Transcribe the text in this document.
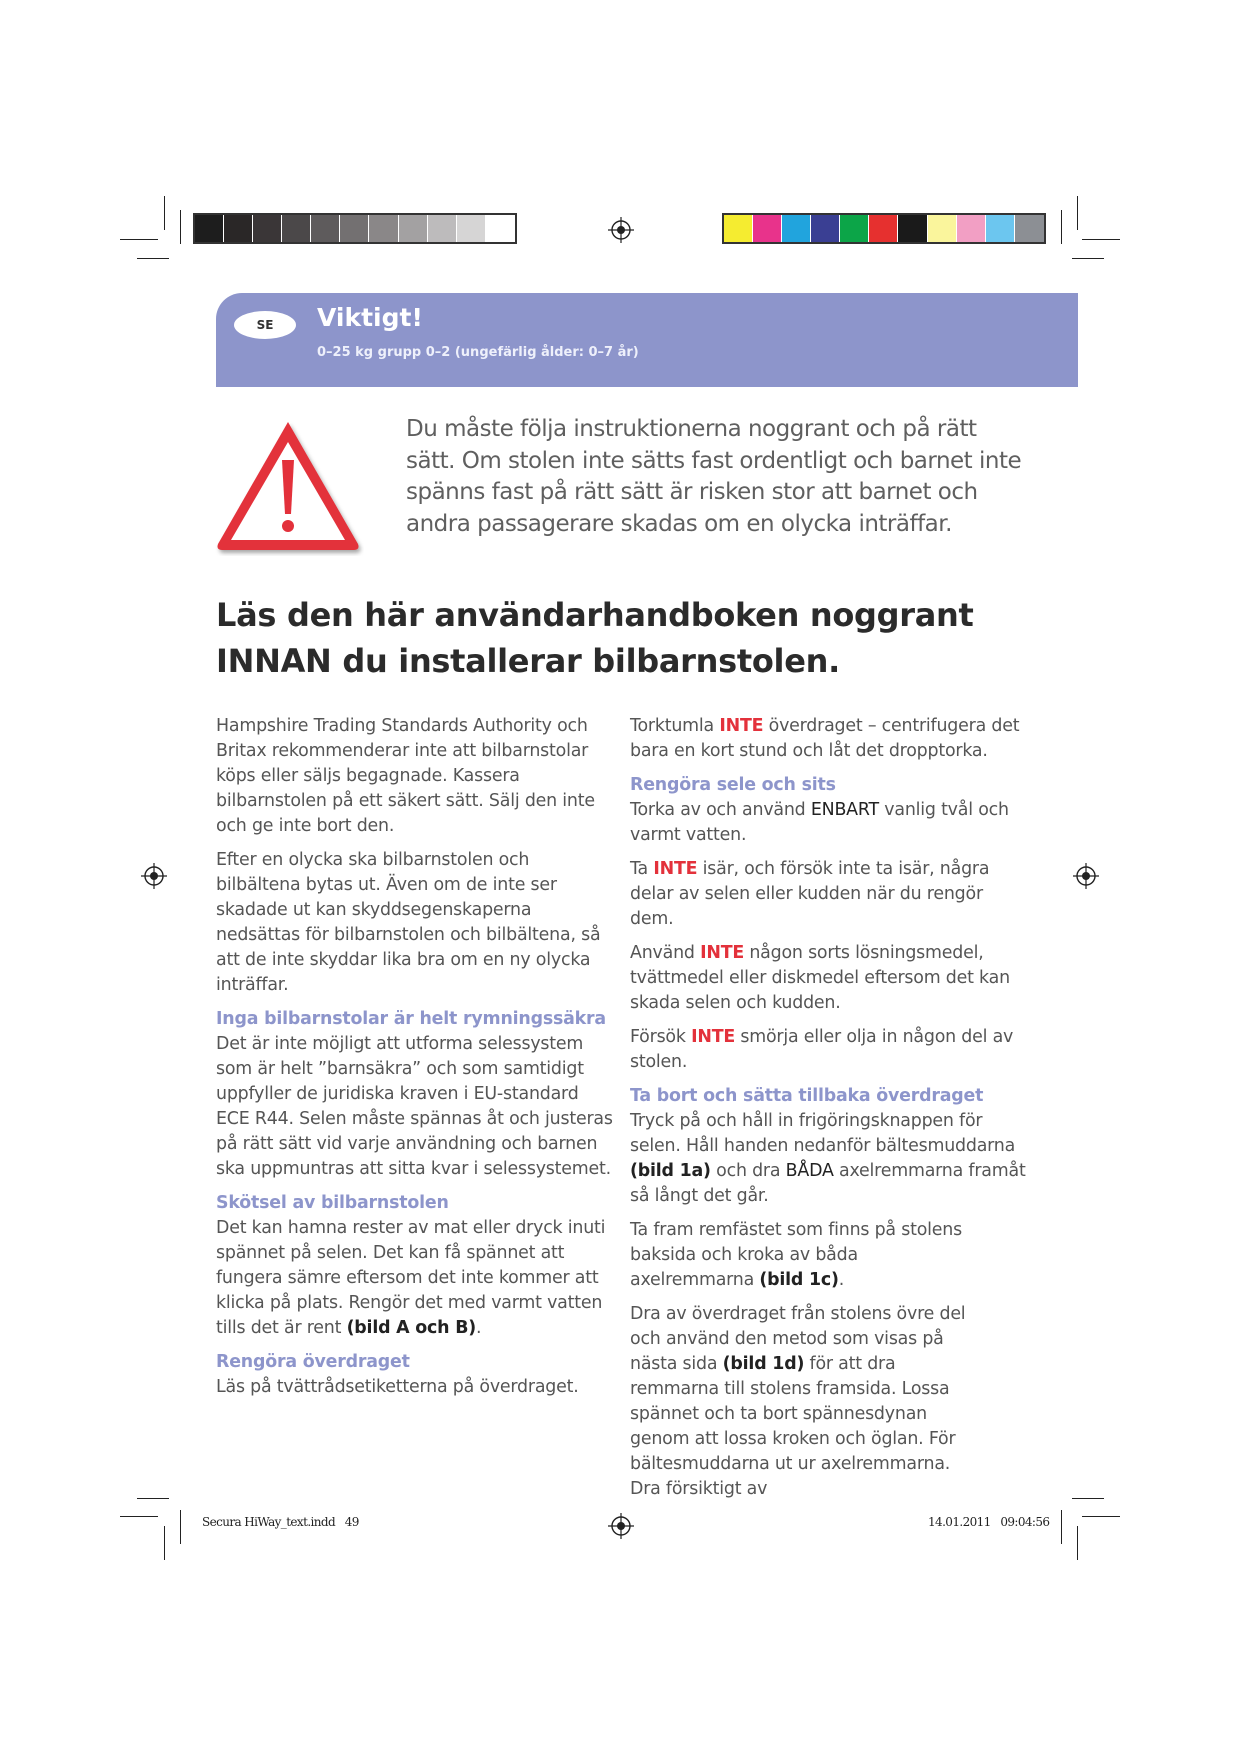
SE	Viktigt!
0–25 kg grupp 0–2 (ungefärlig ålder: 0–7 år)
Du måste följa instruktionerna noggrant och på rätt sätt. Om stolen inte sätts fast ordentligt och barnet inte spänns fast på rätt sätt är risken stor att barnet och andra passagerare skadas om en olycka inträffar.
Läs den här användarhandboken noggrant INNAN du installerar bilbarnstolen.

Hampshire Trading Standards Authority och Britax rekommenderar inte att bilbarnstolar köps eller säljs begagnade. Kassera bilbarnstolen på ett säkert sätt. Sälj den inte och ge inte bort den.

Efter en olycka ska bilbarnstolen och bilbältena bytas ut. Även om de inte ser skadade ut kan skyddsegenskaperna nedsättas för bilbarnstolen och bilbältena, så att de inte skyddar lika bra om en ny olycka inträffar.

Inga bilbarnstolar är helt rymningssäkra

Det är inte möjligt att utforma selessystem som är helt ”barnsäkra” och som samtidigt uppfyller de juridiska kraven i EU-standard ECE R44. Selen måste spännas åt och justeras på rätt sätt vid varje användning och barnen ska uppmuntras att sitta kvar i selessystemet.

Skötsel av bilbarnstolen

Det kan hamna rester av mat eller dryck inuti spännet på selen. Det kan få spännet att fungera sämre eftersom det inte kommer att klicka på plats. Rengör det med varmt vatten tills det är rent (bild A och B).

Rengöra överdraget

Läs på tvättrådsetiketterna på överdraget.

Torktumla INTE överdraget – centrifugera det bara en kort stund och låt det dropptorka.

Rengöra sele och sits

Torka av och använd ENBART vanlig tvål och varmt vatten.

Ta INTE isär, och försök inte ta isär, några delar av selen eller kudden när du rengör dem.

Använd INTE någon sorts lösningsmedel, tvättmedel eller diskmedel eftersom det kan skada selen och kudden.

Försök INTE smörja eller olja in någon del av stolen.

Ta bort och sätta tillbaka överdraget

Tryck på och håll in frigöringsknappen för selen. Håll handen nedanför bältesmuddarna (bild 1a) och dra BÅDA axelremmarna framåt så långt det går.

Ta fram remfästet som finns på stolens baksida och kroka av båda axelremmarna (bild 1c).

Dra av överdraget från stolens övre del och använd den metod som visas på nästa sida (bild 1d) för att dra remmarna till stolens framsida. Lossa spännet och ta bort spännesdynan genom att lossa kroken och öglan. För bältesmuddarna ut ur axelremmarna. Dra försiktigt av

Secura HiWay_text.indd   49	14.01.2011   09:04:56
